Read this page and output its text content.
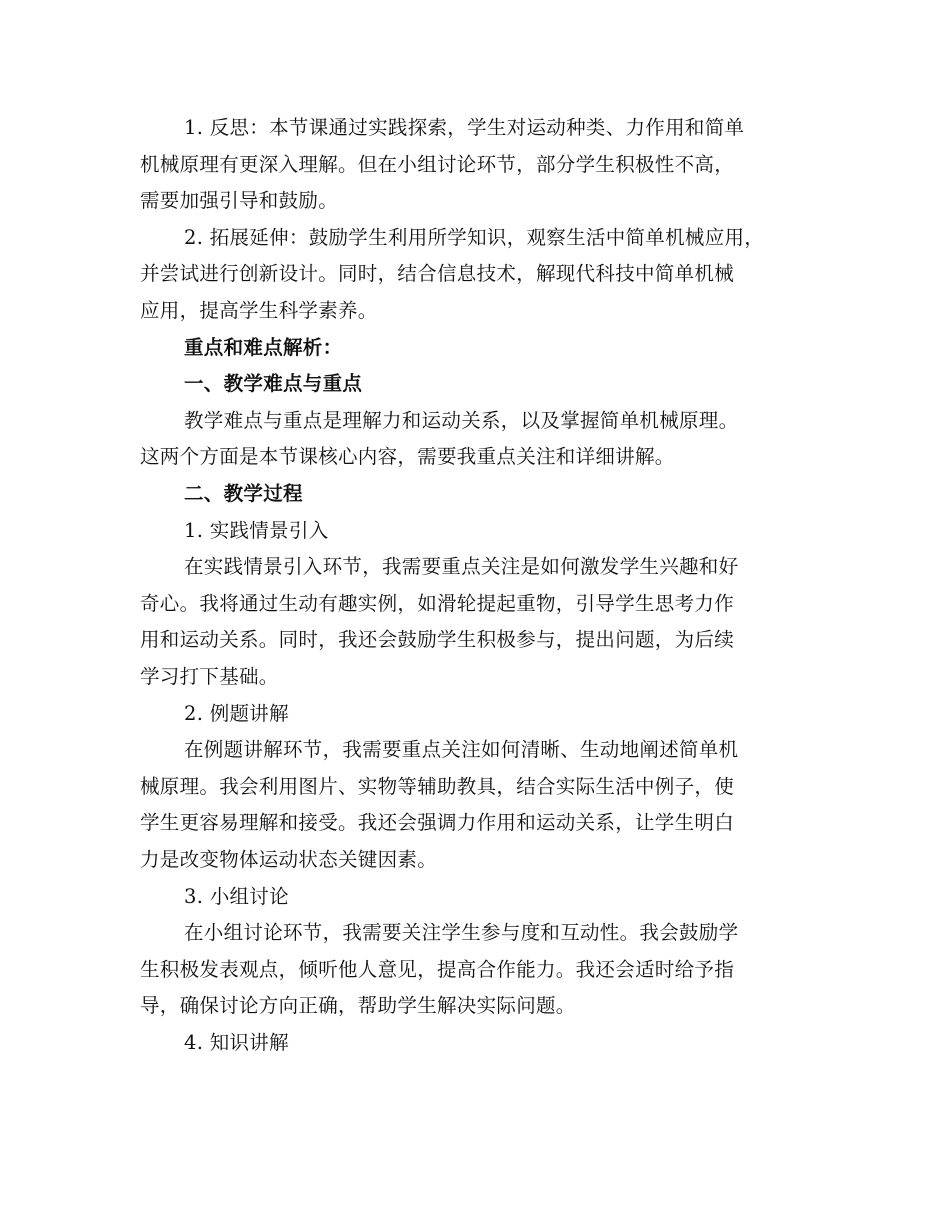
1. 反思：本节课通过实践探索，学生对运动种类、力作用和简单
机械原理有更深入理解。但在小组讨论环节，部分学生积极性不高，
需要加强引导和鼓励。
2. 拓展延伸：鼓励学生利用所学知识，观察生活中简单机械应用，
并尝试进行创新设计。同时，结合信息技术，解现代科技中简单机械
应用，提高学生科学素养。
重点和难点解析：
一、教学难点与重点
教学难点与重点是理解力和运动关系，以及掌握简单机械原理。
这两个方面是本节课核心内容，需要我重点关注和详细讲解。
二、教学过程
1. 实践情景引入
在实践情景引入环节，我需要重点关注是如何激发学生兴趣和好
奇心。我将通过生动有趣实例，如滑轮提起重物，引导学生思考力作
用和运动关系。同时，我还会鼓励学生积极参与，提出问题，为后续
学习打下基础。
2. 例题讲解
在例题讲解环节，我需要重点关注如何清晰、生动地阐述简单机
械原理。我会利用图片、实物等辅助教具，结合实际生活中例子，使
学生更容易理解和接受。我还会强调力作用和运动关系，让学生明白
力是改变物体运动状态关键因素。
3. 小组讨论
在小组讨论环节，我需要关注学生参与度和互动性。我会鼓励学
生积极发表观点，倾听他人意见，提高合作能力。我还会适时给予指
导，确保讨论方向正确，帮助学生解决实际问题。
4. 知识讲解
